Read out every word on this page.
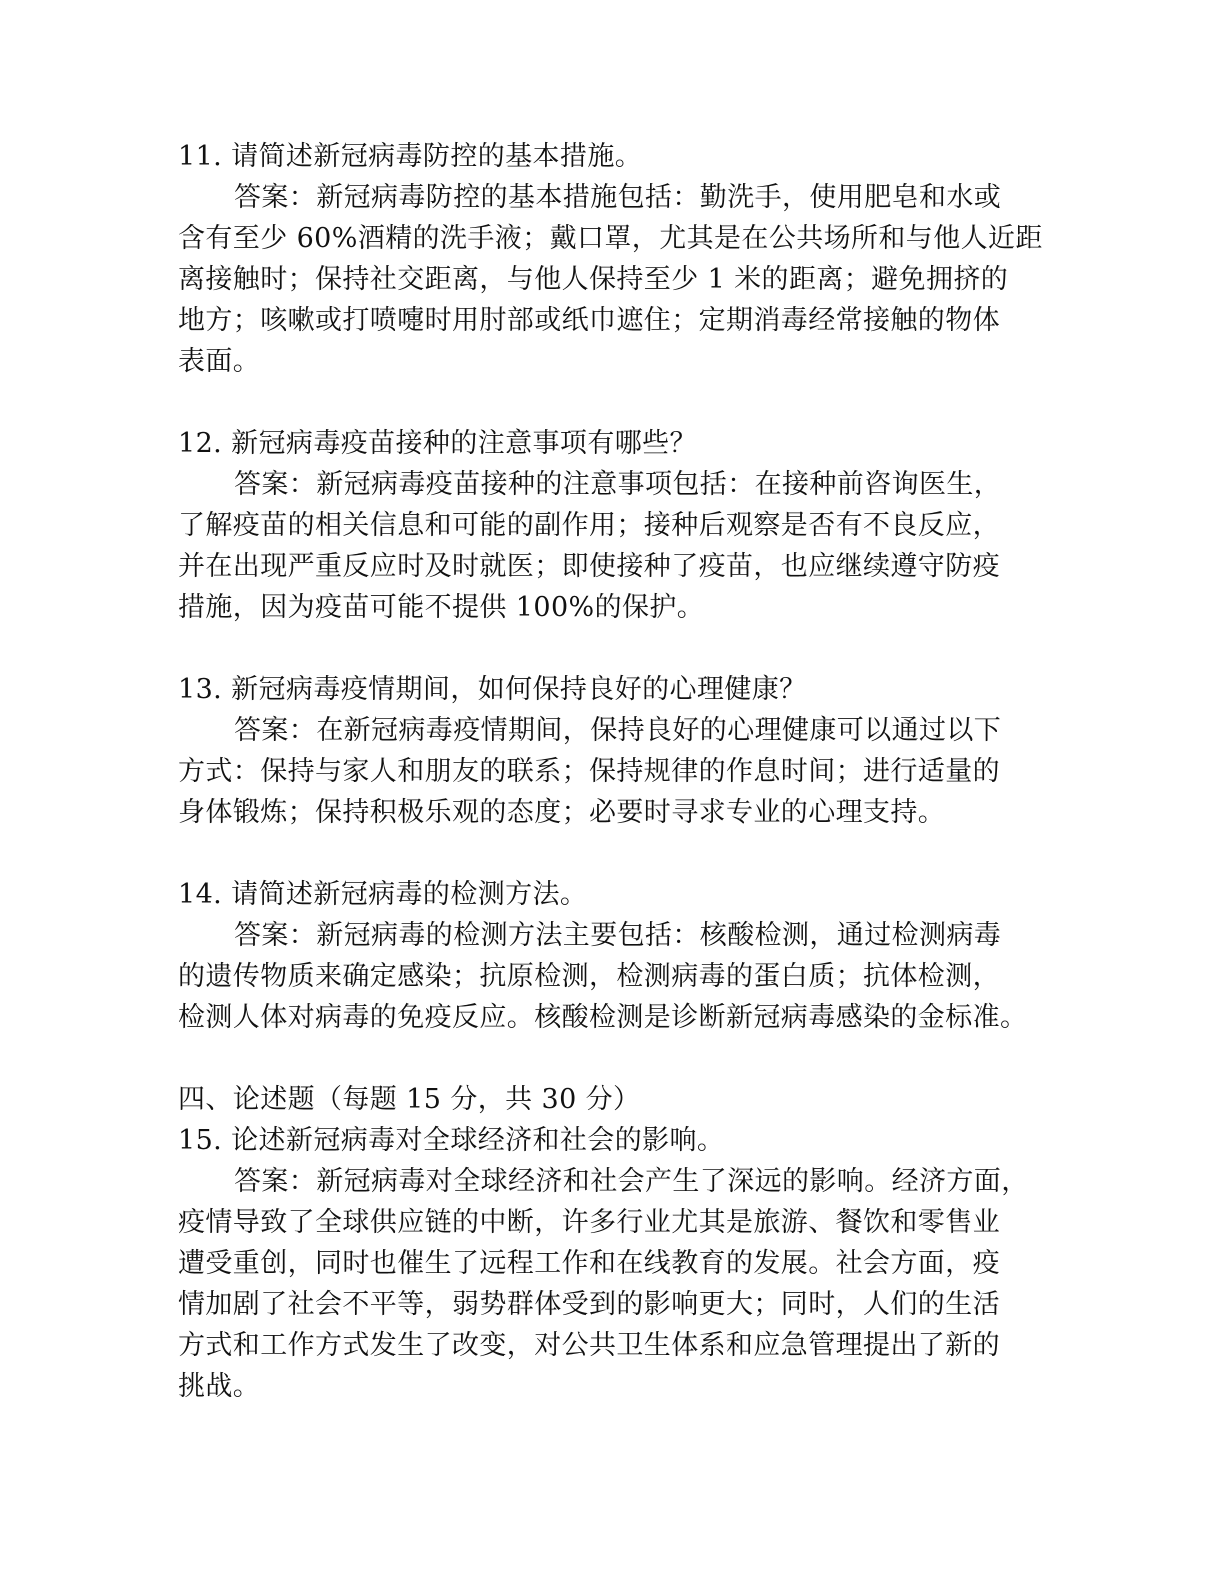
11. 请简述新冠病毒防控的基本措施。
答案：新冠病毒防控的基本措施包括：勤洗手，使用肥皂和水或
含有至少 60%酒精的洗手液；戴口罩，尤其是在公共场所和与他人近距
离接触时；保持社交距离，与他人保持至少 1 米的距离；避免拥挤的
地方；咳嗽或打喷嚏时用肘部或纸巾遮住；定期消毒经常接触的物体
表面。
12. 新冠病毒疫苗接种的注意事项有哪些？
答案：新冠病毒疫苗接种的注意事项包括：在接种前咨询医生，
了解疫苗的相关信息和可能的副作用；接种后观察是否有不良反应，
并在出现严重反应时及时就医；即使接种了疫苗，也应继续遵守防疫
措施，因为疫苗可能不提供 100%的保护。
13. 新冠病毒疫情期间，如何保持良好的心理健康？
答案：在新冠病毒疫情期间，保持良好的心理健康可以通过以下
方式：保持与家人和朋友的联系；保持规律的作息时间；进行适量的
身体锻炼；保持积极乐观的态度；必要时寻求专业的心理支持。
14. 请简述新冠病毒的检测方法。
答案：新冠病毒的检测方法主要包括：核酸检测，通过检测病毒
的遗传物质来确定感染；抗原检测，检测病毒的蛋白质；抗体检测，
检测人体对病毒的免疫反应。核酸检测是诊断新冠病毒感染的金标准。
四、论述题（每题 15 分，共 30 分）
15. 论述新冠病毒对全球经济和社会的影响。
答案：新冠病毒对全球经济和社会产生了深远的影响。经济方面，
疫情导致了全球供应链的中断，许多行业尤其是旅游、餐饮和零售业
遭受重创，同时也催生了远程工作和在线教育的发展。社会方面，疫
情加剧了社会不平等，弱势群体受到的影响更大；同时，人们的生活
方式和工作方式发生了改变，对公共卫生体系和应急管理提出了新的
挑战。
